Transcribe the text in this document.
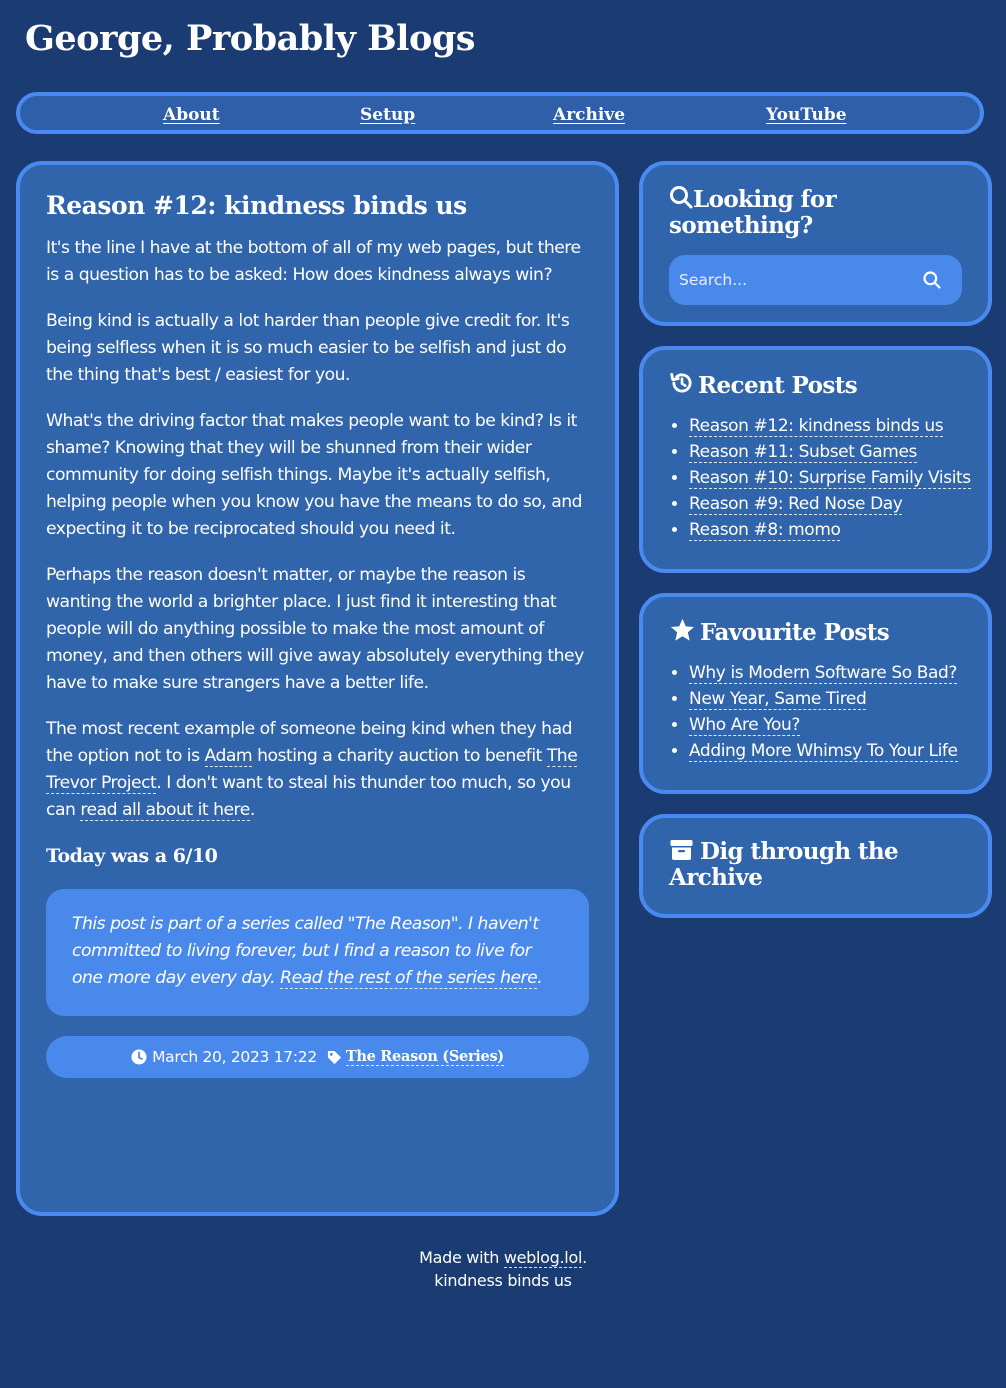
George, Probably Blogs
About	Setup	Archive	YouTube
Reason #12: kindness binds us

It's the line I have at the bottom of all of my web pages, but there is a question has to be asked: How does kindness always win?

Being kind is actually a lot harder than people give credit for. It's being selfless when it is so much easier to be selfish and just do the thing that's best / easiest for you.

What's the driving factor that makes people want to be kind? Is it shame? Knowing that they will be shunned from their wider community for doing selfish things. Maybe it's actually selfish, helping people when you know you have the means to do so, and expecting it to be reciprocated should you need it.

Perhaps the reason doesn't matter, or maybe the reason is wanting the world a brighter place. I just find it interesting that people will do anything possible to make the most amount of money, and then others will give away absolutely everything they have to make sure strangers have a better life.

The most recent example of someone being kind when they had the option not to is Adam hosting a charity auction to benefit The Trevor Project. I don't want to steal his thunder too much, so you can read all about it here.

Today was a 6/10
This post is part of a series called "The Reason". I haven't committed to living forever, but I find a reason to live for one more day every day. Read the rest of the series here.
March 20, 2023 17:22 The Reason (Series)
Looking for something?
Search...
Recent Posts
• Reason #12: kindness binds us
• Reason #11: Subset Games
• Reason #10: Surprise Family Visits
• Reason #9: Red Nose Day
• Reason #8: momo
Favourite Posts
• Why is Modern Software So Bad?
• New Year, Same Tired
• Who Are You?
• Adding More Whimsy To Your Life
Dig through the Archive
Made with weblog.lol.
kindness binds us
